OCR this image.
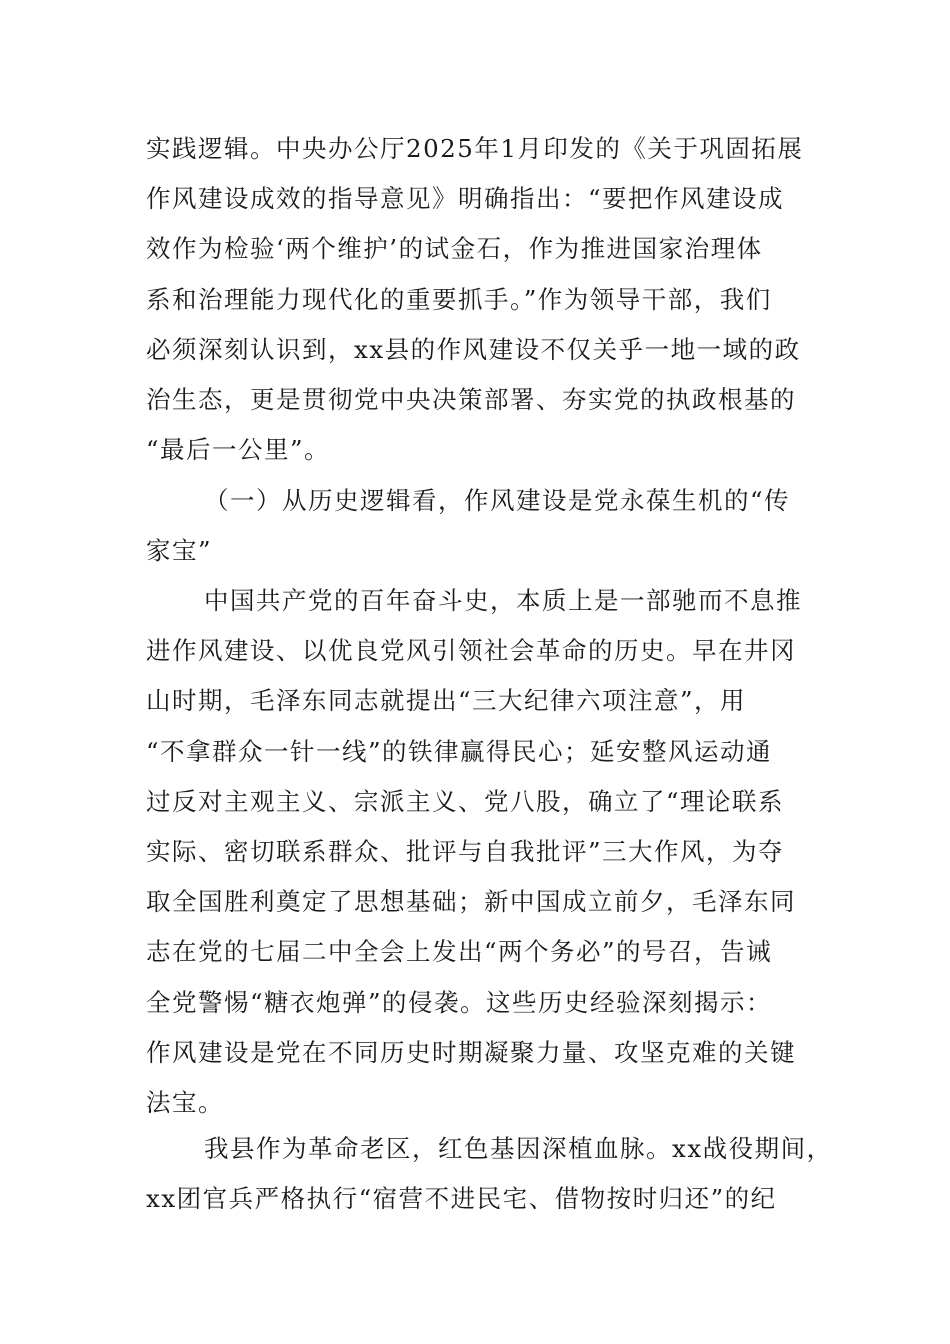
实践逻辑。中央办公厅2025年1月印发的《关于巩固拓展
作风建设成效的指导意见》明确指出：“要把作风建设成
效作为检验‘两个维护’的试金石，作为推进国家治理体
系和治理能力现代化的重要抓手。”作为领导干部，我们
必须深刻认识到，xx县的作风建设不仅关乎一地一域的政
治生态，更是贯彻党中央决策部署、夯实党的执政根基的
“最后一公里”。
（一）从历史逻辑看，作风建设是党永葆生机的“传
家宝”
中国共产党的百年奋斗史，本质上是一部驰而不息推
进作风建设、以优良党风引领社会革命的历史。早在井冈
山时期，毛泽东同志就提出“三大纪律六项注意”，用
“不拿群众一针一线”的铁律赢得民心；延安整风运动通
过反对主观主义、宗派主义、党八股，确立了“理论联系
实际、密切联系群众、批评与自我批评”三大作风，为夺
取全国胜利奠定了思想基础；新中国成立前夕，毛泽东同
志在党的七届二中全会上发出“两个务必”的号召，告诫
全党警惕“糖衣炮弹”的侵袭。这些历史经验深刻揭示：
作风建设是党在不同历史时期凝聚力量、攻坚克难的关键
法宝。
我县作为革命老区，红色基因深植血脉。xx战役期间，
xx团官兵严格执行“宿营不进民宅、借物按时归还”的纪
